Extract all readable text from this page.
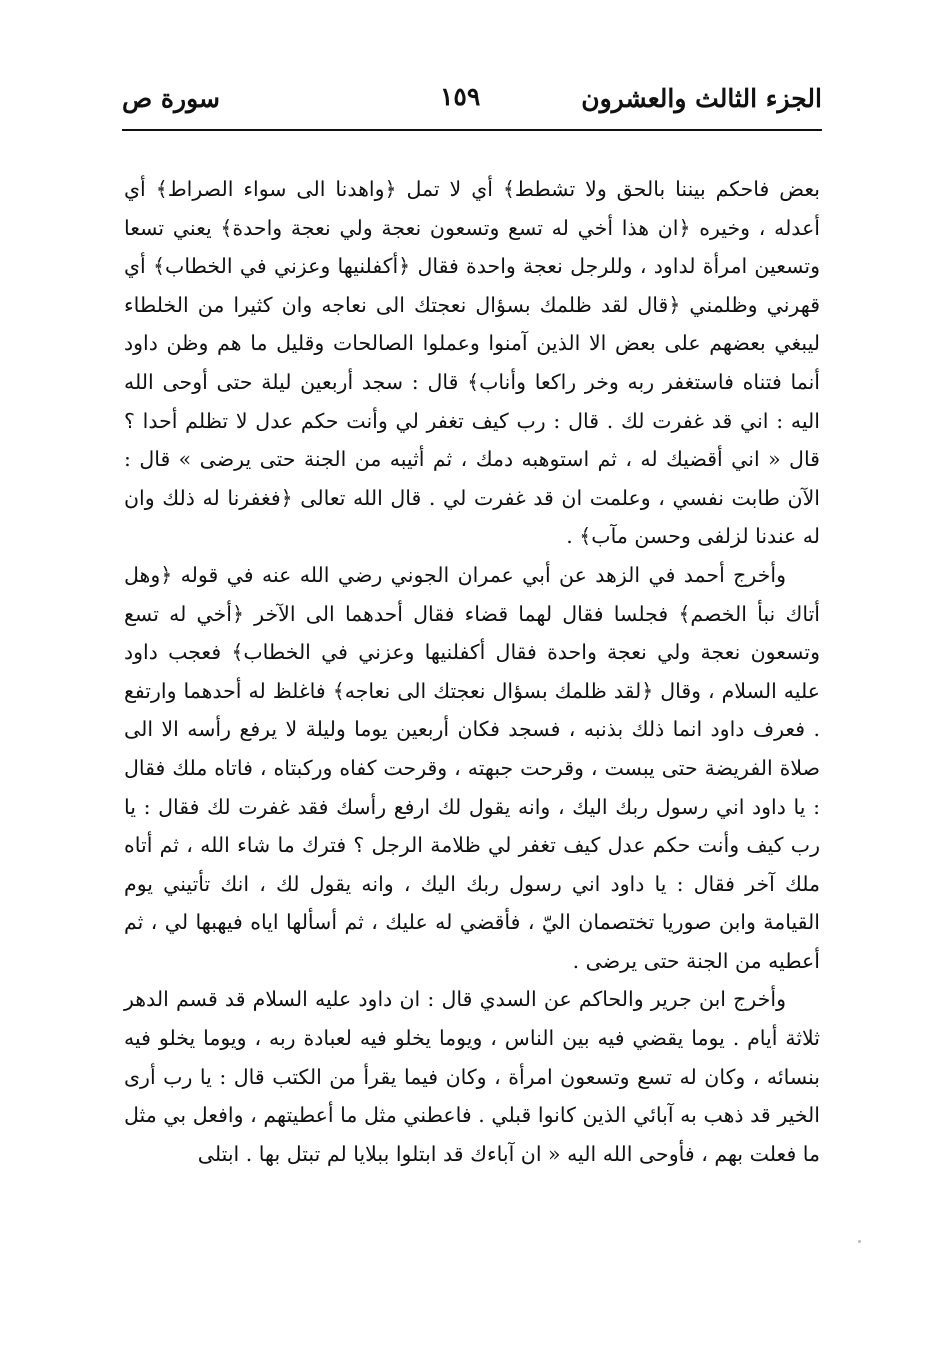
الجزء الثالث والعشرون
١٥٩
سورة ص

بعض فاحكم بيننا بالحق ولا تشطط﴾ أي لا تمل ﴿واهدنا الى سواء الصراط﴾ أي أعدله ، وخيره ﴿ان هذا أخي له تسع وتسعون نعجة ولي نعجة واحدة﴾ يعني تسعا وتسعين امرأة لداود ، وللرجل نعجة واحدة فقال ﴿أكفلنيها وعزني في الخطاب﴾ أي قهرني وظلمني ﴿قال لقد ظلمك بسؤال نعجتك الى نعاجه وان كثيرا من الخلطاء ليبغي بعضهم على بعض الا الذين آمنوا وعملوا الصالحات وقليل ما هم وظن داود أنما فتناه فاستغفر ربه وخر راكعا وأناب﴾ قال : سجد أربعين ليلة حتى أوحى الله اليه : اني قد غفرت لك . قال : رب كيف تغفر لي وأنت حكم عدل لا تظلم أحدا ؟ قال « اني أقضيك له ، ثم استوهبه دمك ، ثم أثيبه من الجنة حتى يرضى » قال : الآن طابت نفسي ، وعلمت ان قد غفرت لي . قال الله تعالى ﴿فغفرنا له ذلك وان له عندنا لزلفى وحسن مآب﴾ .

وأخرج أحمد في الزهد عن أبي عمران الجوني رضي الله عنه في قوله ﴿وهل أتاك نبأ الخصم﴾ فجلسا فقال لهما قضاء فقال أحدهما الى الآخر ﴿أخي له تسع وتسعون نعجة ولي نعجة واحدة فقال أكفلنيها وعزني في الخطاب﴾ فعجب داود عليه السلام ، وقال ﴿لقد ظلمك بسؤال نعجتك الى نعاجه﴾ فاغلظ له أحدهما وارتفع . فعرف داود انما ذلك بذنبه ، فسجد فكان أربعين يوما وليلة لا يرفع رأسه الا الى صلاة الفريضة حتى يبست ، وقرحت جبهته ، وقرحت كفاه وركبتاه ، فاتاه ملك فقال : يا داود اني رسول ربك اليك ، وانه يقول لك ارفع رأسك فقد غفرت لك فقال : يا رب كيف وأنت حكم عدل كيف تغفر لي ظلامة الرجل ؟ فترك ما شاء الله ، ثم أتاه ملك آخر فقال : يا داود اني رسول ربك اليك ، وانه يقول لك ، انك تأتيني يوم القيامة وابن صوريا تختصمان اليّ ، فأقضي له عليك ، ثم أسألها اياه فيهبها لي ، ثم أعطيه من الجنة حتى يرضى .

وأخرج ابن جرير والحاكم عن السدي قال : ان داود عليه السلام قد قسم الدهر ثلاثة أيام . يوما يقضي فيه بين الناس ، ويوما يخلو فيه لعبادة ربه ، ويوما يخلو فيه بنسائه ، وكان له تسع وتسعون امرأة ، وكان فيما يقرأ من الكتب قال : يا رب أرى الخير قد ذهب به آبائي الذين كانوا قبلي . فاعطني مثل ما أعطيتهم ، وافعل بي مثل ما فعلت بهم ، فأوحى الله اليه « ان آباءك قد ابتلوا ببلايا لم تبتل بها . ابتلى
